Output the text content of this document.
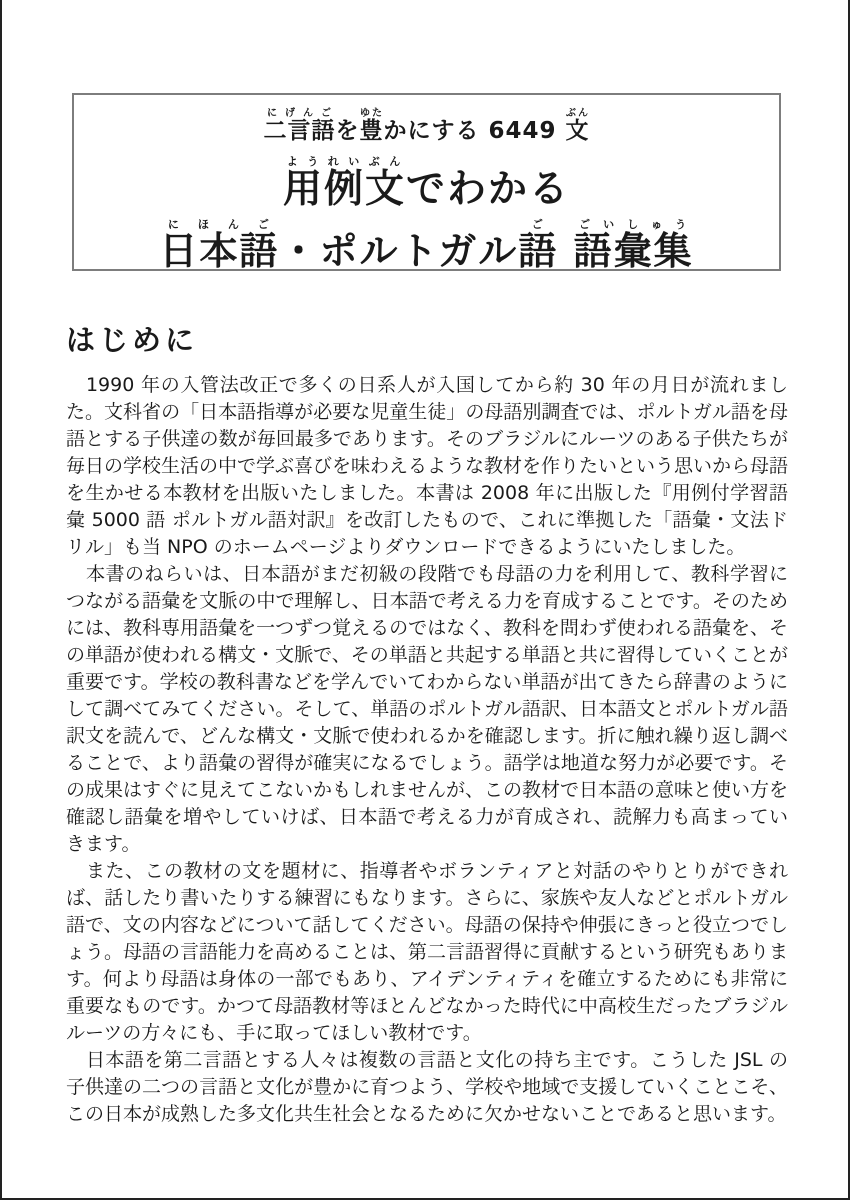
二言語にげんごを豊ゆたかにする 6449 文ぶん
用例文ようれいぶんでわかる
日本語にほんご・ポルトガル語ご 語彙集ごいしゅう
はじめに

1990 年の入管法改正で多くの日系人が入国してから約 30 年の月日が流れました。文科省の「日本語指導が必要な児童生徒」の母語別調査では、ポルトガル語を母語とする子供達の数が毎回最多であります。そのブラジルにルーツのある子供たちが毎日の学校生活の中で学ぶ喜びを味わえるような教材を作りたいという思いから母語を生かせる本教材を出版いたしました。本書は 2008 年に出版した『用例付学習語彙 5000 語 ポルトガル語対訳』を改訂したもので、これに準拠した「語彙・文法ドリル」も当 NPO のホームページよりダウンロードできるようにいたしました。

本書のねらいは、日本語がまだ初級の段階でも母語の力を利用して、教科学習につながる語彙を文脈の中で理解し、日本語で考える力を育成することです。そのためには、教科専用語彙を一つずつ覚えるのではなく、教科を問わず使われる語彙を、その単語が使われる構文・文脈で、その単語と共起する単語と共に習得していくことが重要です。学校の教科書などを学んでいてわからない単語が出てきたら辞書のようにして調べてみてください。そして、単語のポルトガル語訳、日本語文とポルトガル語訳文を読んで、どんな構文・文脈で使われるかを確認します。折に触れ繰り返し調べることで、より語彙の習得が確実になるでしょう。語学は地道な努力が必要です。その成果はすぐに見えてこないかもしれませんが、この教材で日本語の意味と使い方を確認し語彙を増やしていけば、日本語で考える力が育成され、読解力も高まっていきます。

また、この教材の文を題材に、指導者やボランティアと対話のやりとりができれば、話したり書いたりする練習にもなります。さらに、家族や友人などとポルトガル語で、文の内容などについて話してください。母語の保持や伸張にきっと役立つでしょう。母語の言語能力を高めることは、第二言語習得に貢献するという研究もあります。何より母語は身体の一部でもあり、アイデンティティを確立するためにも非常に重要なものです。かつて母語教材等ほとんどなかった時代に中高校生だったブラジルルーツの方々にも、手に取ってほしい教材です。

日本語を第二言語とする人々は複数の言語と文化の持ち主です。こうした JSL の子供達の二つの言語と文化が豊かに育つよう、学校や地域で支援していくことこそ、この日本が成熟した多文化共生社会となるために欠かせないことであると思います。
